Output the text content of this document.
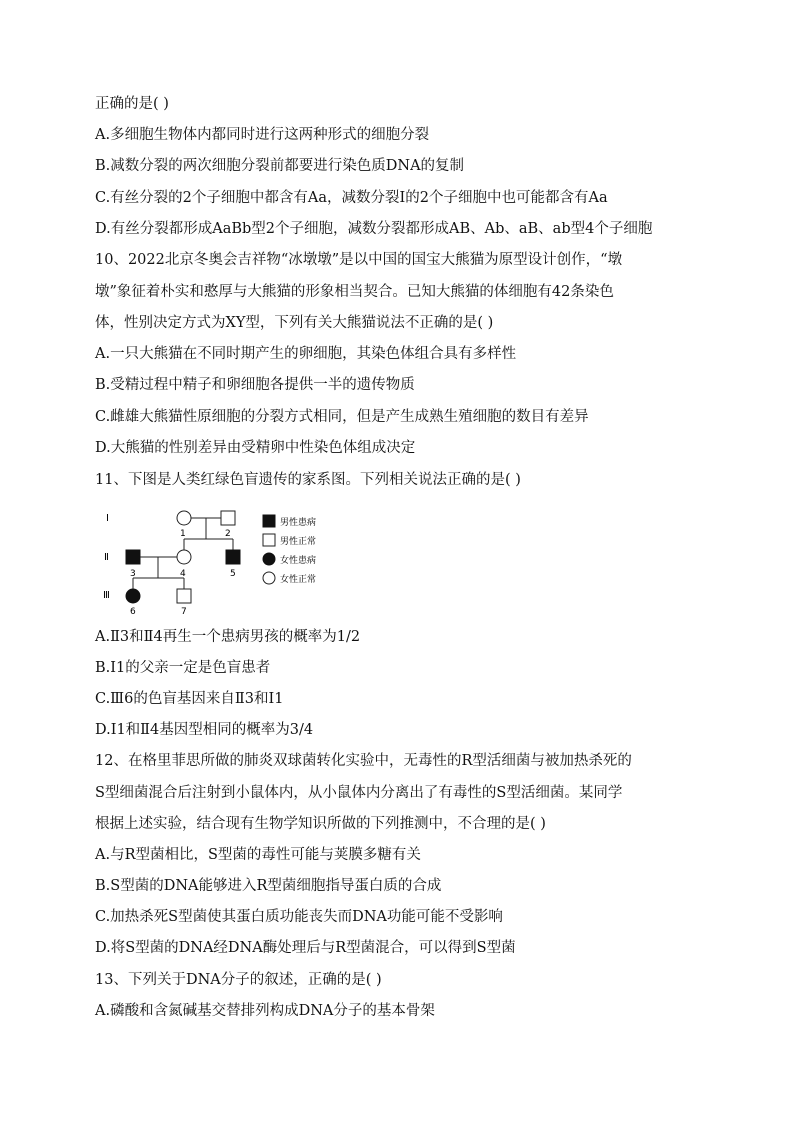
正确的是( )
A.多细胞生物体内都同时进行这两种形式的细胞分裂
B.减数分裂的两次细胞分裂前都要进行染色质DNA的复制
C.有丝分裂的2个子细胞中都含有Aa，减数分裂Ⅰ的2个子细胞中也可能都含有Aa
D.有丝分裂都形成AaBb型2个子细胞，减数分裂都形成AB、Ab、aB、ab型4个子细胞
10、2022北京冬奥会吉祥物“冰墩墩”是以中国的国宝大熊猫为原型设计创作，“墩
墩”象征着朴实和憨厚与大熊猫的形象相当契合。已知大熊猫的体细胞有42条染色
体，性别决定方式为XY型，下列有关大熊猫说法不正确的是( )
A.一只大熊猫在不同时期产生的卵细胞，其染色体组合具有多样性
B.受精过程中精子和卵细胞各提供一半的遗传物质
C.雌雄大熊猫性原细胞的分裂方式相同，但是产生成熟生殖细胞的数目有差异
D.大熊猫的性别差异由受精卵中性染色体组成决定
11、下图是人类红绿色盲遗传的家系图。下列相关说法正确的是( )
Ⅰ
Ⅱ
Ⅲ
1	2
3	4	5
6	7
男性患病
男性正常
女性患病
女性正常
A.Ⅱ3和Ⅱ4再生一个患病男孩的概率为1/2
B.Ⅰ1的父亲一定是色盲患者
C.Ⅲ6的色盲基因来自Ⅱ3和Ⅰ1
D.Ⅰ1和Ⅱ4基因型相同的概率为3/4
12、在格里菲思所做的肺炎双球菌转化实验中，无毒性的R型活细菌与被加热杀死的
S型细菌混合后注射到小鼠体内，从小鼠体内分离出了有毒性的S型活细菌。某同学
根据上述实验，结合现有生物学知识所做的下列推测中，不合理的是( )
A.与R型菌相比，S型菌的毒性可能与荚膜多糖有关
B.S型菌的DNA能够进入R型菌细胞指导蛋白质的合成
C.加热杀死S型菌使其蛋白质功能丧失而DNA功能可能不受影响
D.将S型菌的DNA经DNA酶处理后与R型菌混合，可以得到S型菌
13、下列关于DNA分子的叙述，正确的是( )
A.磷酸和含氮碱基交替排列构成DNA分子的基本骨架
